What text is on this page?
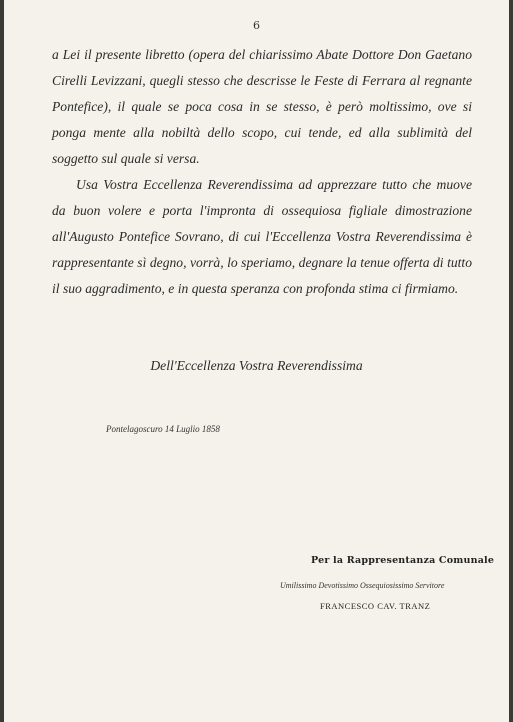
6

a Lei il presente libretto (opera del chiarissimo Abate Dottore Don Gaetano Cirelli Levizzani, quegli stesso che descrisse le Feste di Ferrara al regnante Pontefice), il quale se poca cosa in se stesso, è però moltissimo, ove si ponga mente alla nobiltà dello scopo, cui tende, ed alla sublimità del soggetto sul quale si versa.

Usa Vostra Eccellenza Reverendissima ad apprezzare tutto che muove da buon volere e porta l'impronta di ossequiosa figliale dimostrazione all'Augusto Pontefice Sovrano, di cui l'Eccellenza Vostra Reverendissima è rappresentante sì degno, vorrà, lo speriamo, degnare la tenue offerta di tutto il suo aggradimento, e in questa speranza con profonda stima ci firmiamo.

Dell'Eccellenza Vostra Reverendissima
Pontelagoscuro 14 Luglio 1858
Per la Rappresentanza Comunale
Umilissimo Devotissimo Ossequiosissimo Servitore
FRANCESCO CAV. TRANZ
